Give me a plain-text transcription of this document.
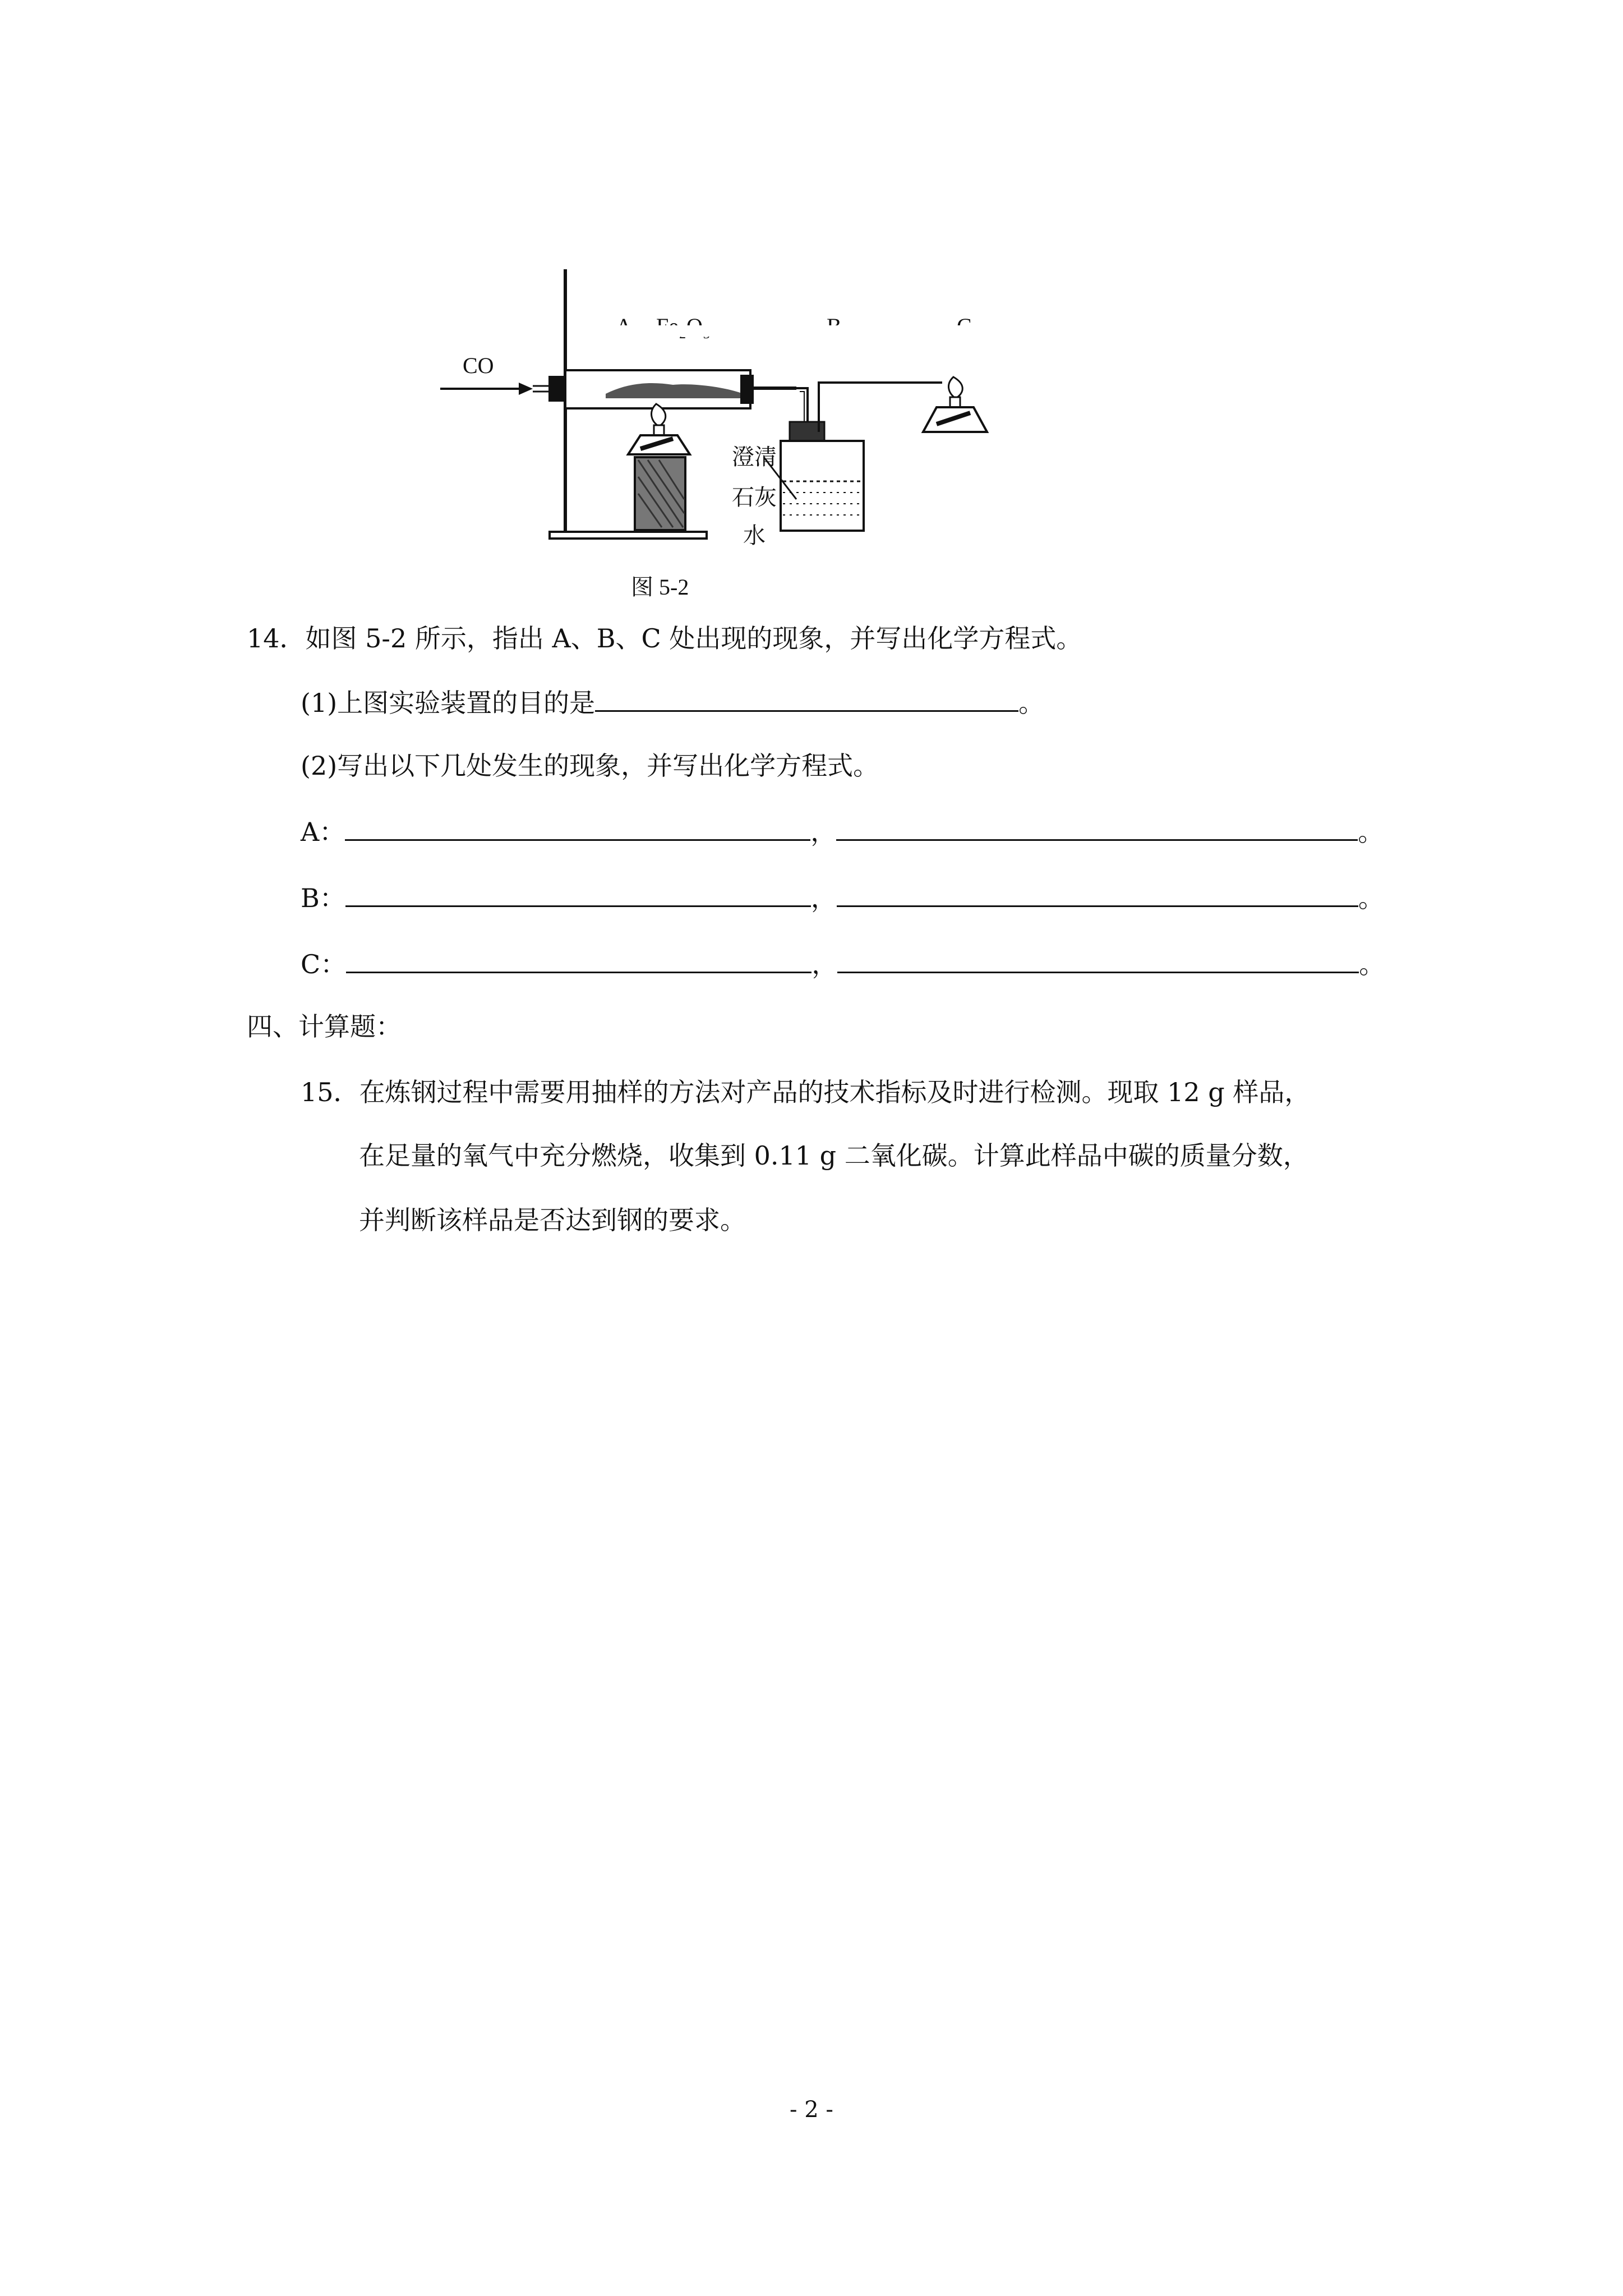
CO
澄清
石灰
水
图 5-2
14．如图 5-2 所示，指出 A、B、C 处出现的现象，并写出化学方程式。
(1)上图实验装置的目的是	。
(2)写出以下几处发生的现象，并写出化学方程式。
A：	，	。
B：	，	。
C：	，	。
四、计算题：
15．在炼钢过程中需要用抽样的方法对产品的技术指标及时进行检测。现取 12 g 样品，
在足量的氧气中充分燃烧，收集到 0.11 g 二氧化碳。计算此样品中碳的质量分数，
并判断该样品是否达到钢的要求。
- 2 -
